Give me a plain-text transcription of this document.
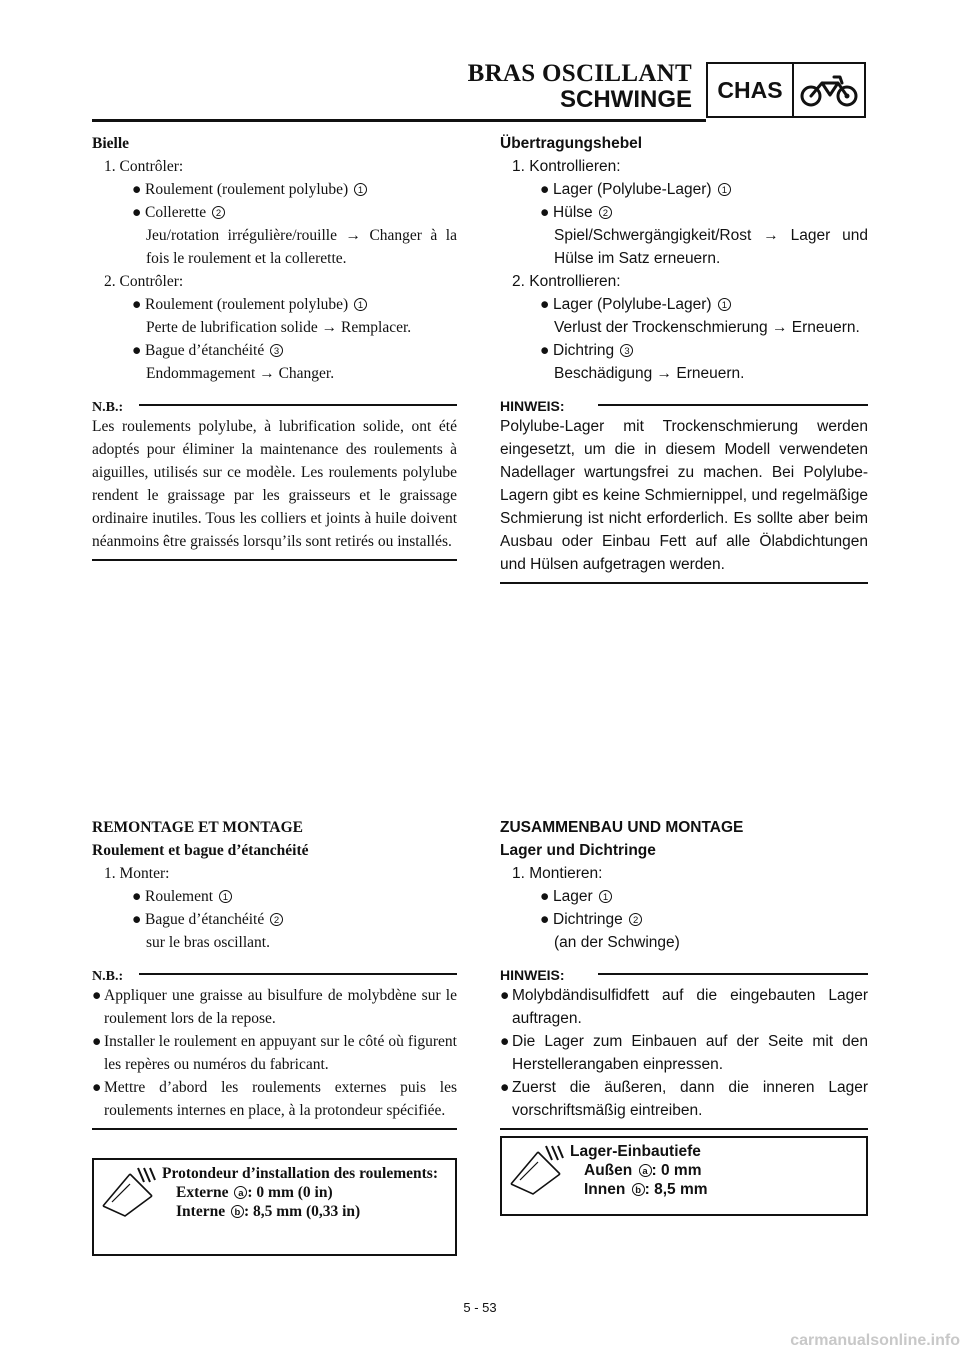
BRAS OSCILLANT
SCHWINGE	CHAS
Bielle
1. Contrôler:
● Roulement (roulement polylube) 1
● Collerette 2
Jeu/rotation irrégulière/rouille → Changer à la fois le roulement et la collerette.
2. Contrôler:
● Roulement (roulement polylube) 1
Perte de lubrification solide → Remplacer.
● Bague d’étanchéité 3
Endommagement → Changer.
N.B.:
Les roulements polylube, à lubrification solide, ont été adoptés pour éliminer la maintenance des roulements à aiguilles, utilisés sur ce modèle. Les roulements polylube rendent le graissage par les graisseurs et le graissage ordinaire inutiles. Tous les colliers et joints à huile doivent néanmoins être graissés lorsqu’ils sont retirés ou installés.
Übertragungshebel
1. Kontrollieren:
● Lager (Polylube-Lager) 1
● Hülse 2
Spiel/Schwergängigkeit/Rost → Lager und Hülse im Satz erneuern.
2. Kontrollieren:
● Lager (Polylube-Lager) 1
Verlust der Trockenschmierung → Erneuern.
● Dichtring 3
Beschädigung → Erneuern.
HINWEIS:
Polylube-Lager mit Trockenschmierung werden eingesetzt, um die in diesem Modell verwendeten Nadellager wartungsfrei zu machen. Bei Polylube-Lagern gibt es keine Schmiernippel, und regelmäßige Schmierung ist nicht erforderlich. Es sollte aber beim Ausbau oder Einbau Fett auf alle Ölabdichtungen und Hülsen aufgetragen werden.
REMONTAGE ET MONTAGE
Roulement et bague d’étanchéité
1. Monter:
● Roulement 1
● Bague d’étanchéité 2
sur le bras oscillant.
N.B.:
● Appliquer une graisse au bisulfure de molybdène sur le roulement lors de la repose.
● Installer le roulement en appuyant sur le côté où figurent les repères ou numéros du fabricant.
● Mettre d’abord les roulements externes puis les roulements internes en place, à la protondeur spécifiée.
Protondeur d’installation des roulements:
Externe a : 0 mm (0 in)
Interne b : 8,5 mm (0,33 in)
ZUSAMMENBAU UND MONTAGE
Lager und Dichtringe
1. Montieren:
● Lager 1
● Dichtringe 2
(an der Schwinge)
HINWEIS:
● Molybdändisulfidfett auf die eingebauten Lager auftragen.
● Die Lager zum Einbauen auf der Seite mit den Herstellerangaben einpressen.
● Zuerst die äußeren, dann die inneren Lager vorschriftsmäßig eintreiben.
Lager-Einbautiefe
Außen a : 0 mm
Innen b : 8,5 mm
5 - 53
carmanualsonline.info
